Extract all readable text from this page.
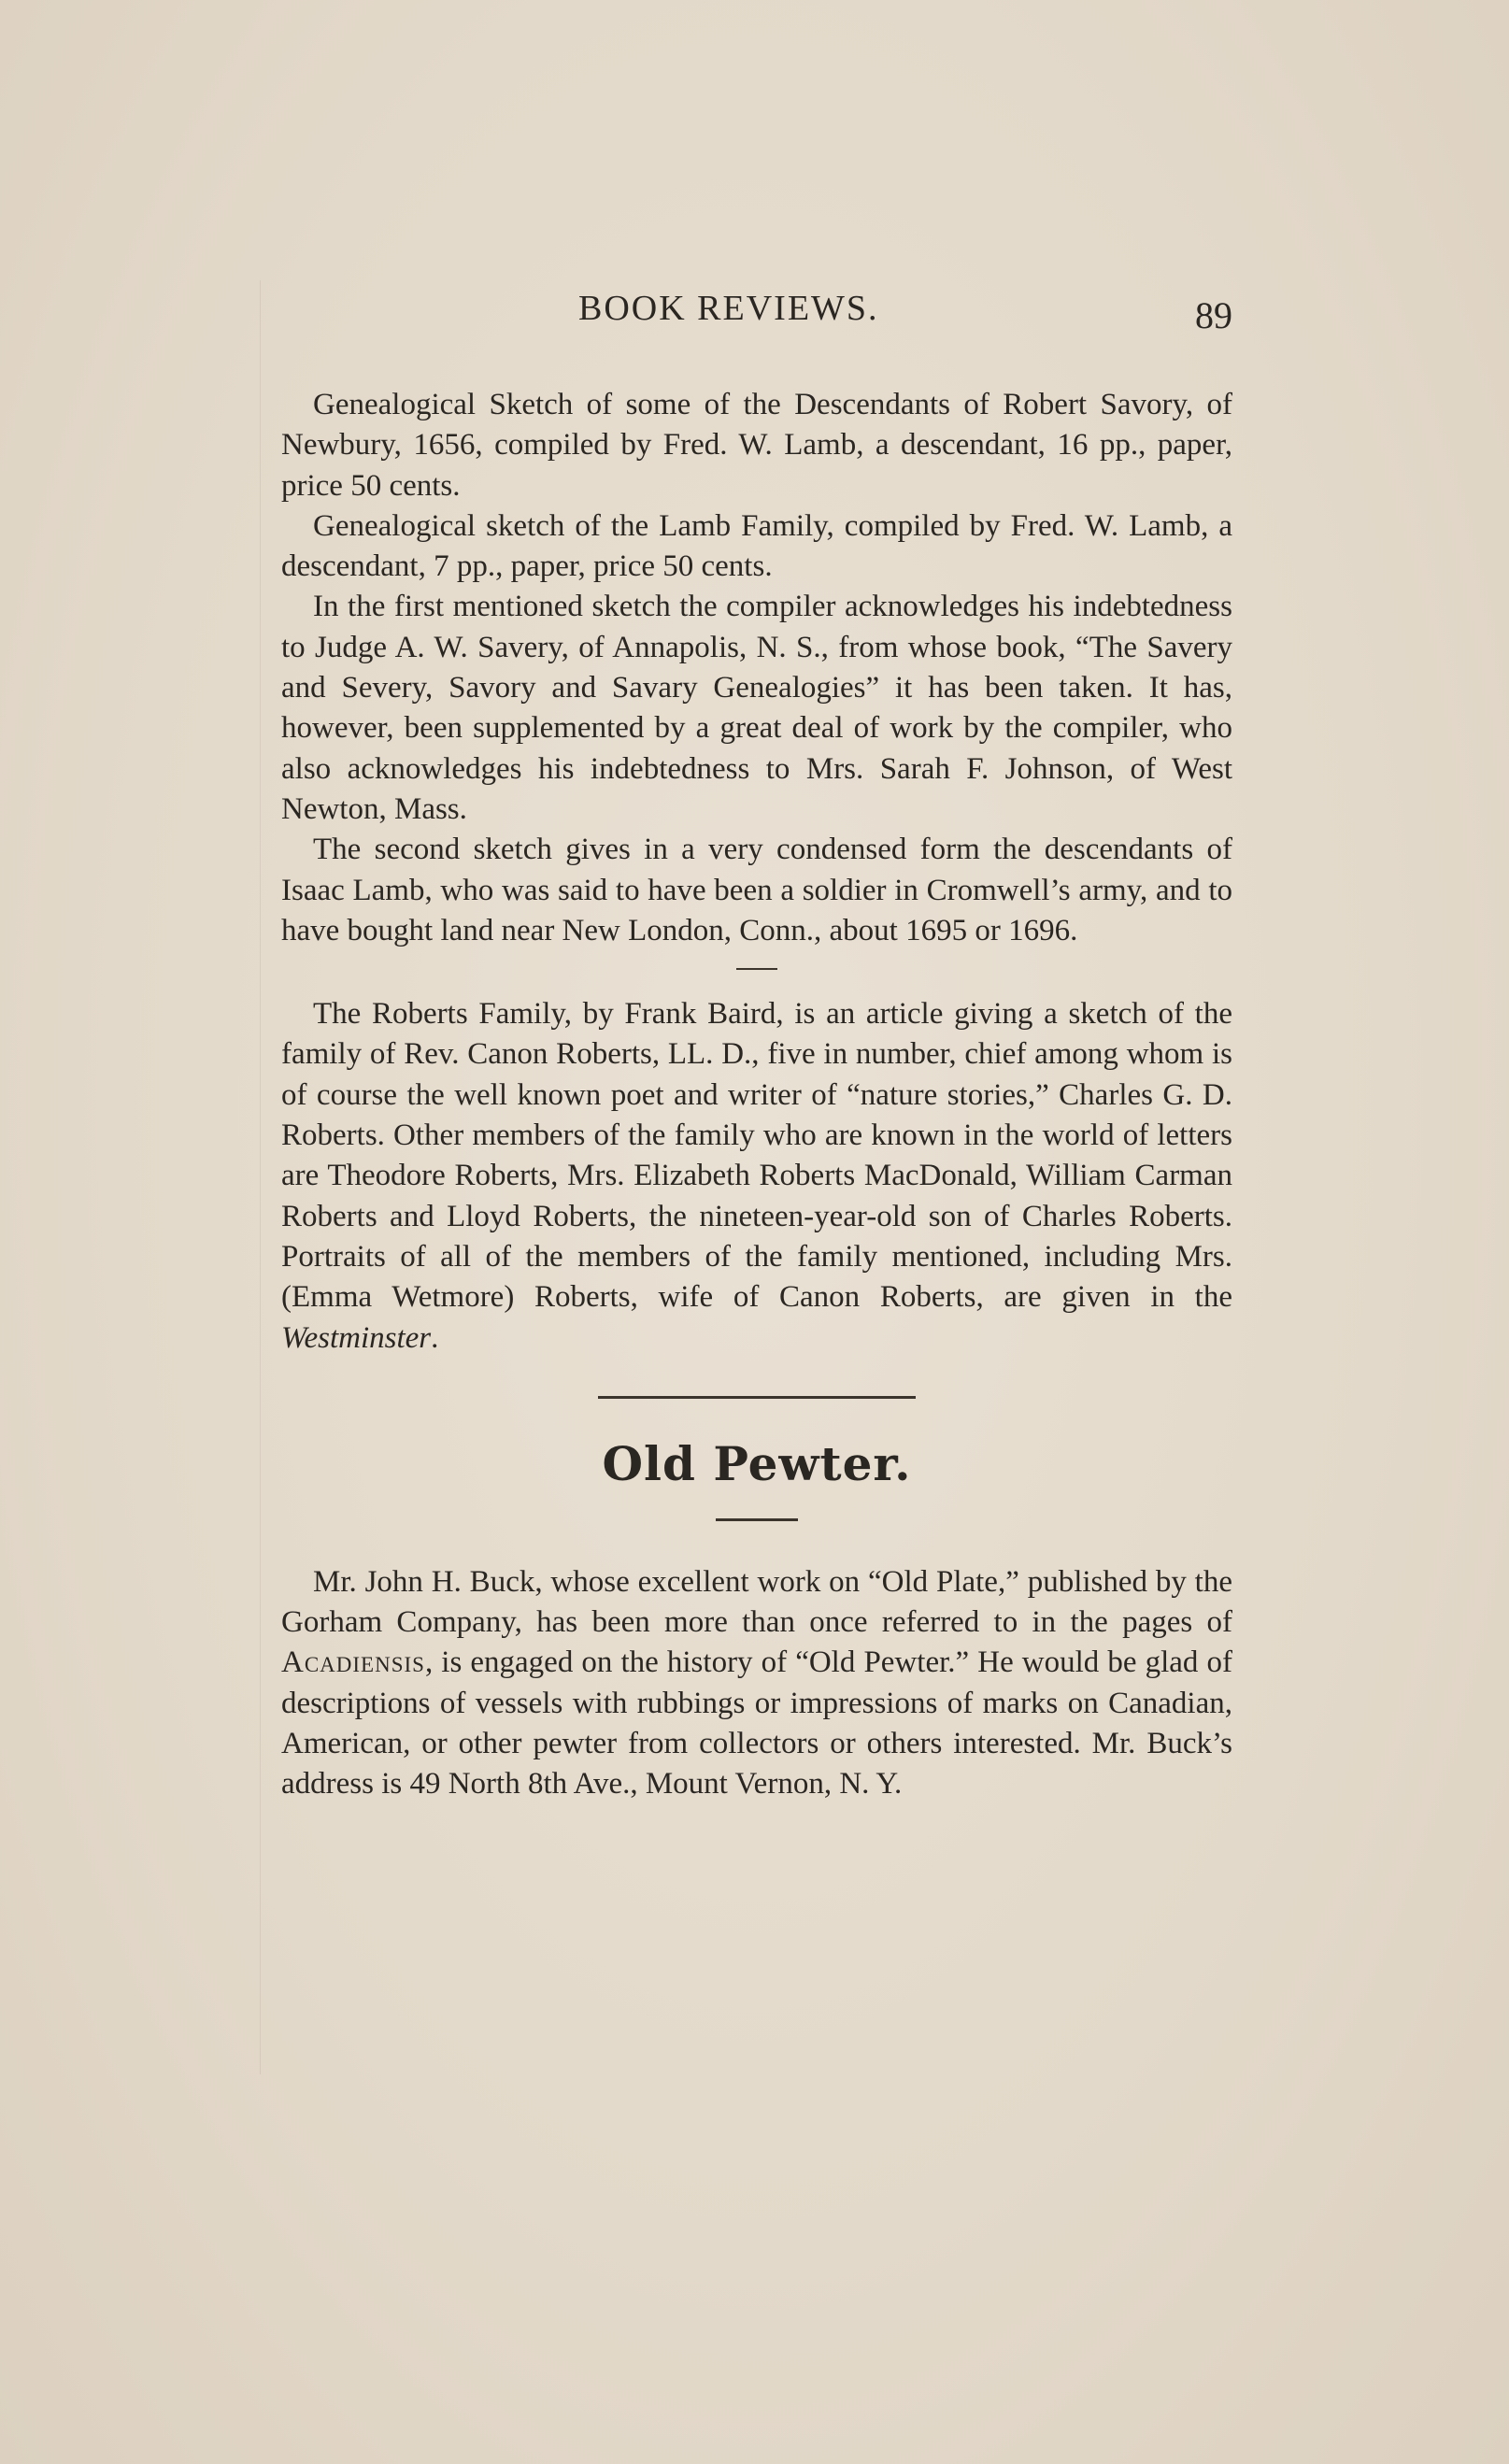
BOOK REVIEWS.	89

Genealogical Sketch of some of the Descendants of Robert Savory, of Newbury, 1656, compiled by Fred. W. Lamb, a descendant, 16 pp., paper, price 50 cents.

Genealogical sketch of the Lamb Family, compiled by Fred. W. Lamb, a descendant, 7 pp., paper, price 50 cents.

In the first mentioned sketch the compiler acknowledges his indebtedness to Judge A. W. Savery, of Annapolis, N. S., from whose book, “The Savery and Severy, Savory and Savary Genealogies” it has been taken. It has, however, been supplemented by a great deal of work by the compiler, who also acknowledges his indebtedness to Mrs. Sarah F. Johnson, of West Newton, Mass.

The second sketch gives in a very condensed form the descendants of Isaac Lamb, who was said to have been a soldier in Cromwell’s army, and to have bought land near New London, Conn., about 1695 or 1696.

The Roberts Family, by Frank Baird, is an article giving a sketch of the family of Rev. Canon Roberts, LL. D., five in number, chief among whom is of course the well known poet and writer of “nature stories,” Charles G. D. Roberts. Other members of the family who are known in the world of letters are Theodore Roberts, Mrs. Elizabeth Roberts MacDonald, William Carman Roberts and Lloyd Roberts, the nineteen-year-old son of Charles Roberts. Portraits of all of the members of the family mentioned, including Mrs. (Emma Wetmore) Roberts, wife of Canon Roberts, are given in the Westminster.

Old Pewter.

Mr. John H. Buck, whose excellent work on “Old Plate,” published by the Gorham Company, has been more than once referred to in the pages of Acadiensis, is engaged on the history of “Old Pewter.” He would be glad of descriptions of vessels with rubbings or impressions of marks on Canadian, American, or other pewter from collectors or others interested. Mr. Buck’s address is 49 North 8th Ave., Mount Vernon, N. Y.
